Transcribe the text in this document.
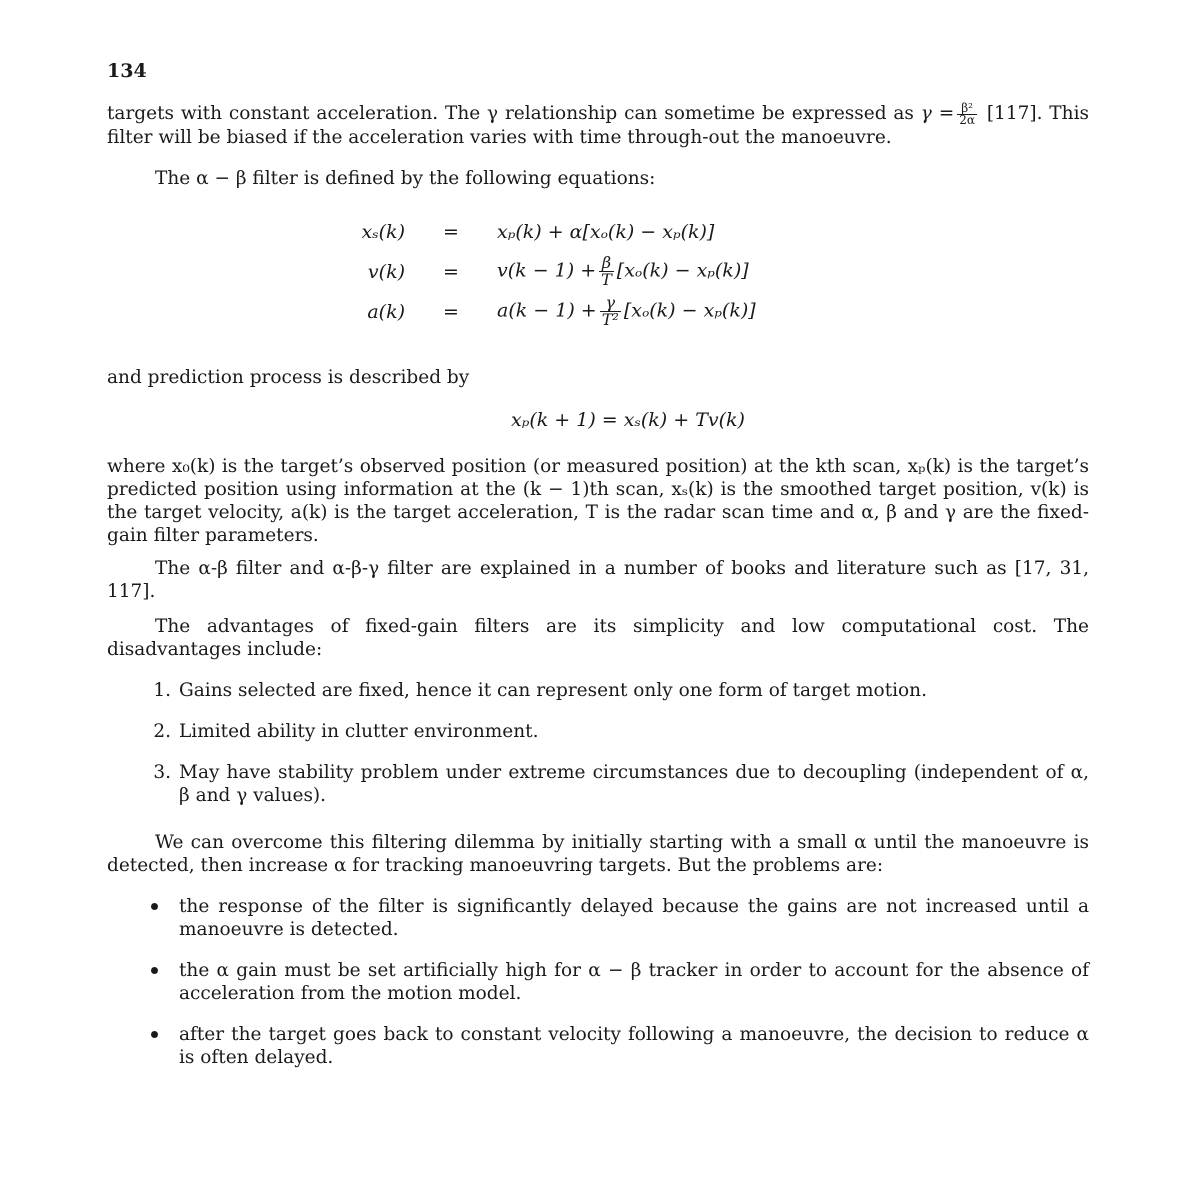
134

targets with constant acceleration. The γ relationship can sometime be expressed as $\gamma = \frac{\text{β²}}{2\alpha} [117]$. This filter will be biased if the acceleration varies with time through-out the manoeuvre.

The α − β filter is defined by the following equations:

xₛ(k)	=	xₚ(k) + α[xₒ(k) − xₚ(k)]
v(k)	=	$v(k - 1) + \frac{\beta}{T} [x_o(k) - x_p(k)]$
a(k)	=	$a(k - 1) + \frac{\gamma}{\text{T²}} [x_o(k) - x_p(k)]$

and prediction process is described by

xₚ(k + 1) = xₛ(k) + Tv(k)

where x₀(k) is the target’s observed position (or measured position) at the kth scan, xₚ(k) is the target’s predicted position using information at the (k − 1)th scan, xₛ(k) is the smoothed target position, v(k) is the target velocity, a(k) is the target acceleration, T is the radar scan time and α, β and γ are the fixed-gain filter parameters.

The α-β filter and α-β-γ filter are explained in a number of books and literature such as [17, 31, 117].

The advantages of fixed-gain filters are its simplicity and low computational cost. The disadvantages include:

1. Gains selected are fixed, hence it can represent only one form of target motion.
2. Limited ability in clutter environment.
3. May have stability problem under extreme circumstances due to decoupling (independent of α, β and γ values).

We can overcome this filtering dilemma by initially starting with a small α until the manoeuvre is detected, then increase α for tracking manoeuvring targets. But the problems are:

the response of the filter is significantly delayed because the gains are not increased until a manoeuvre is detected.
the α gain must be set artificially high for α − β tracker in order to account for the absence of acceleration from the motion model.
after the target goes back to constant velocity following a manoeuvre, the decision to reduce α is often delayed.
